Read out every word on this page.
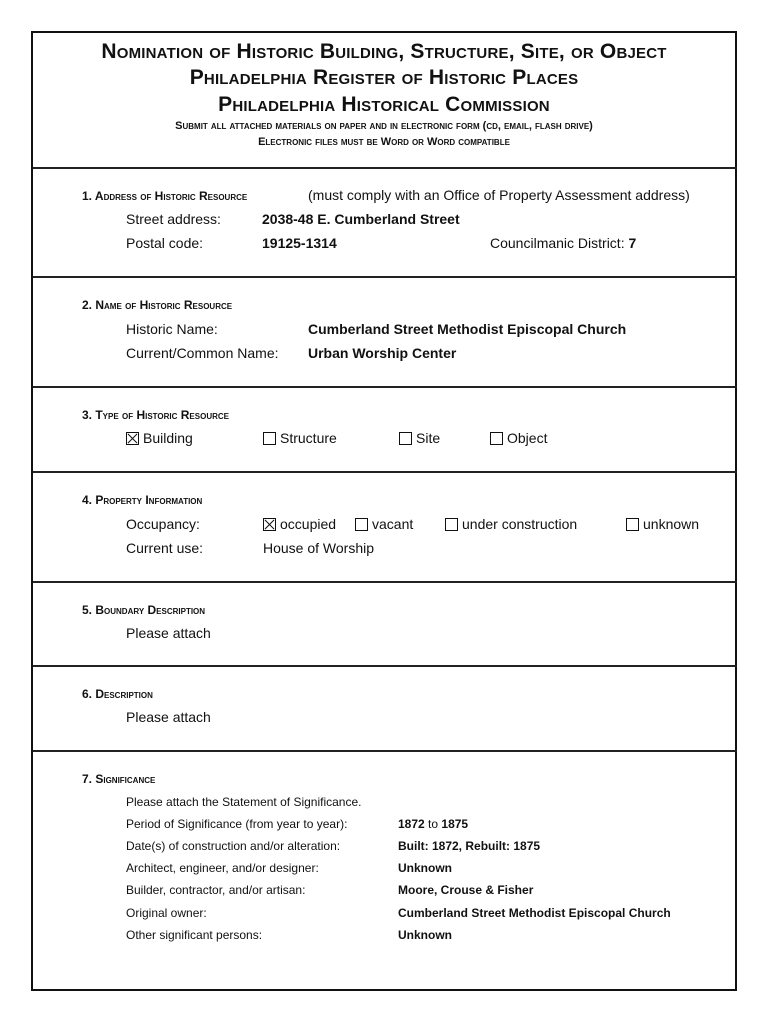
Nomination of Historic Building, Structure, Site, or Object
Philadelphia Register of Historic Places
Philadelphia Historical Commission
Submit all attached materials on paper and in electronic form (cd, email, flash drive)
Electronic files must be Word or Word compatible
1. Address of Historic Resource	(must comply with an Office of Property Assessment address)
Street address:	2038-48 E. Cumberland Street
Postal code:	19125-1314	Councilmanic District: 7
2. Name of Historic Resource
Historic Name:	Cumberland Street Methodist Episcopal Church
Current/Common Name: Urban Worship Center
3. Type of Historic Resource
Building	Structure	Site	Object
4. Property Information
Occupancy:	occupied	vacant	under construction	unknown
Current use:	House of Worship
5. Boundary Description
Please attach
6. Description
Please attach
7. Significance
Please attach the Statement of Significance.
Period of Significance (from year to year):	1872 to 1875
Date(s) of construction and/or alteration:	Built: 1872, Rebuilt: 1875
Architect, engineer, and/or designer:	Unknown
Builder, contractor, and/or artisan:	Moore, Crouse & Fisher
Original owner:	Cumberland Street Methodist Episcopal Church
Other significant persons:	Unknown
